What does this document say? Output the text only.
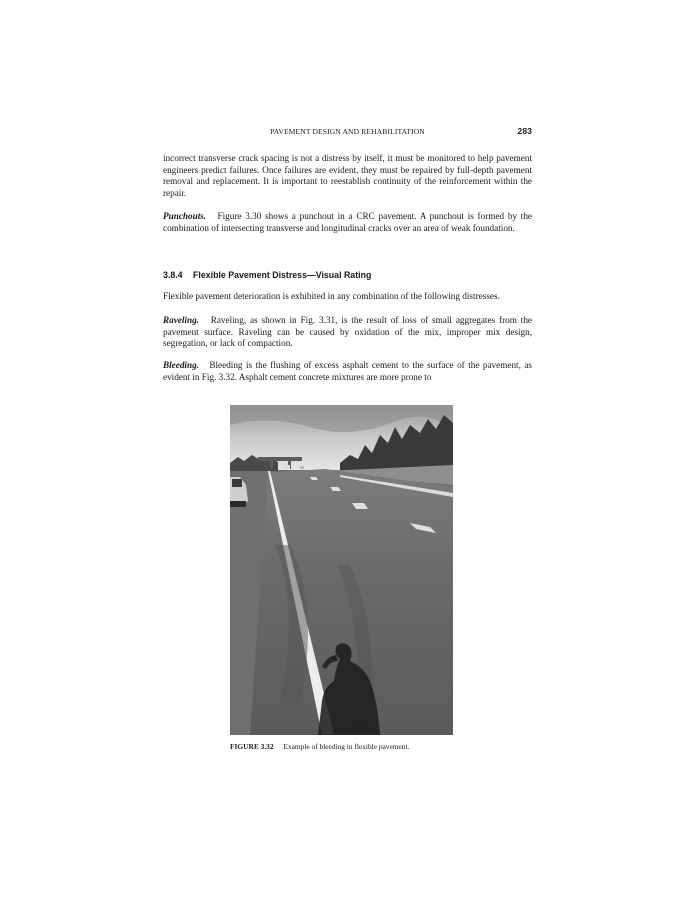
PAVEMENT DESIGN AND REHABILITATION	283

incorrect transverse crack spacing is not a distress by itself, it must be monitored to help pavement engineers predict failures. Once failures are evident, they must be repaired by full-depth pavement removal and replacement. It is important to reestablish continuity of the reinforcement within the repair.

Punchouts. Figure 3.30 shows a punchout in a CRC pavement. A punchout is formed by the combination of intersecting transverse and longitudinal cracks over an area of weak foundation.

3.8.4 Flexible Pavement Distress—Visual Rating

Flexible pavement deterioration is exhibited in any combination of the following distresses.

Raveling. Raveling, as shown in Fig. 3.31, is the result of loss of small aggregates from the pavement surface. Raveling can be caused by oxidation of the mix, improper mix design, segregation, or lack of compaction.

Bleeding. Bleeding is the flushing of excess asphalt cement to the surface of the pavement, as evident in Fig. 3.32. Asphalt cement concrete mixtures are more prone to

FIGURE 3.32 Example of bleeding in flexible pavement.
